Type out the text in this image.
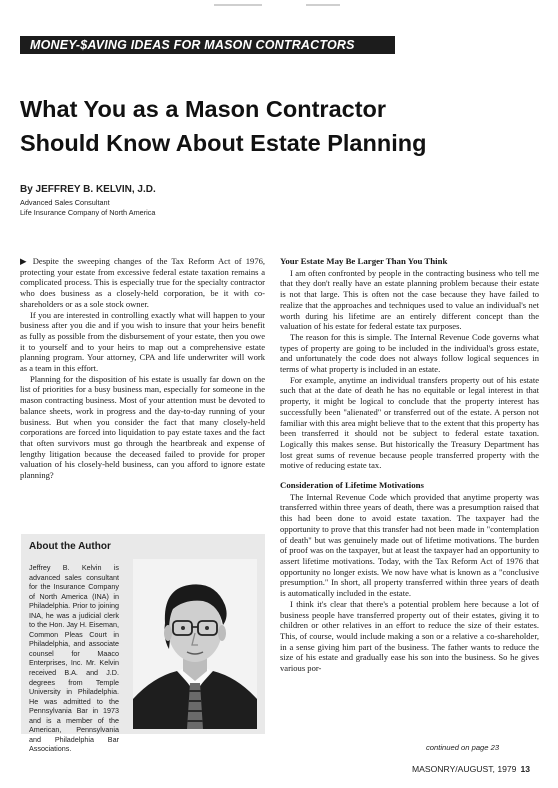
MONEY-$AVING IDEAS FOR MASON CONTRACTORS
What You as a Mason Contractor
Should Know About Estate Planning
By JEFFREY B. KELVIN, J.D.
Advanced Sales Consultant
Life Insurance Company of North America

▶ Despite the sweeping changes of the Tax Reform Act of 1976, protecting your estate from excessive federal estate taxation remains a complicated process. This is especially true for the specialty contractor who does business as a closely-held corporation, be it with co-shareholders or as a sole stock owner.

If you are interested in controlling exactly what will happen to your business after you die and if you wish to insure that your heirs benefit as fully as possible from the disbursement of your estate, then you owe it to yourself and to your heirs to map out a comprehensive estate planning program. Your attorney, CPA and life underwriter will work as a team in this effort.

Planning for the disposition of his estate is usually far down on the list of priorities for a busy business man, especially for someone in the mason contracting business. Most of your attention must be devoted to balance sheets, work in progress and the day-to-day running of your business. But when you consider the fact that many closely-held corporations are forced into liquidation to pay estate taxes and the fact that often survivors must go through the heartbreak and expense of lengthy litigation because the deceased failed to provide for proper valuation of his closely-held business, can you afford to ignore estate planning?

About the Author
Jeffrey B. Kelvin is advanced sales consultant for the Insurance Company of North America (INA) in Philadelphia. Prior to joining INA, he was a judicial clerk to the Hon. Jay H. Eiseman, Common Pleas Court in Philadelphia, and associate counsel for Maaco Enterprises, Inc. Mr. Kelvin received B.A. and J.D. degrees from Temple University in Philadelphia. He was admitted to the Pennsylvania Bar in 1973 and is a member of the American, Pennsylvania and Philadelphia Bar Associations.
Your Estate May Be Larger Than You Think

I am often confronted by people in the contracting business who tell me that they don't really have an estate planning problem because their estate is not that large. This is often not the case because they have failed to realize that the approaches and techniques used to value an individual's net worth during his lifetime are an entirely different concept than the valuation of his estate for federal estate tax purposes.

The reason for this is simple. The Internal Revenue Code governs what types of property are going to be included in the individual's gross estate, and unfortunately the code does not always follow logical sequences in terms of what property is included in an estate.

For example, anytime an individual transfers property out of his estate such that at the date of death he has no equitable or legal interest in that property, it might be logical to conclude that the property interest has successfully been "alienated" or transferred out of the estate. A person not familiar with this area might believe that to the extent that this property has been transferred it should not be subject to federal estate taxation. Logically this makes sense. But historically the Treasury Department has lost great sums of revenue because people transferred property with the motive of reducing estate tax.

Consideration of Lifetime Motivations

The Internal Revenue Code which provided that anytime property was transferred within three years of death, there was a presumption raised that this had been done to avoid estate taxation. The taxpayer had the opportunity to prove that this transfer had not been made in "contemplation of death" but was genuinely made out of lifetime motivations. The burden of proof was on the taxpayer, but at least the taxpayer had an opportunity to assert lifetime motivations. Today, with the Tax Reform Act of 1976 that opportunity no longer exists. We now have what is known as a "conclusive presumption." In short, all property transferred within three years of death is automatically included in the estate.

I think it's clear that there's a potential problem here because a lot of business people have transferred property out of their estates, giving it to children or other relatives in an effort to reduce the size of their estates. This, of course, would include making a son or a relative a co-shareholder, in a sense giving him part of the business. The father wants to reduce the size of his estate and gradually ease his son into the business. So he gives various por-

continued on page 23
MASONRY/AUGUST, 1979 13
